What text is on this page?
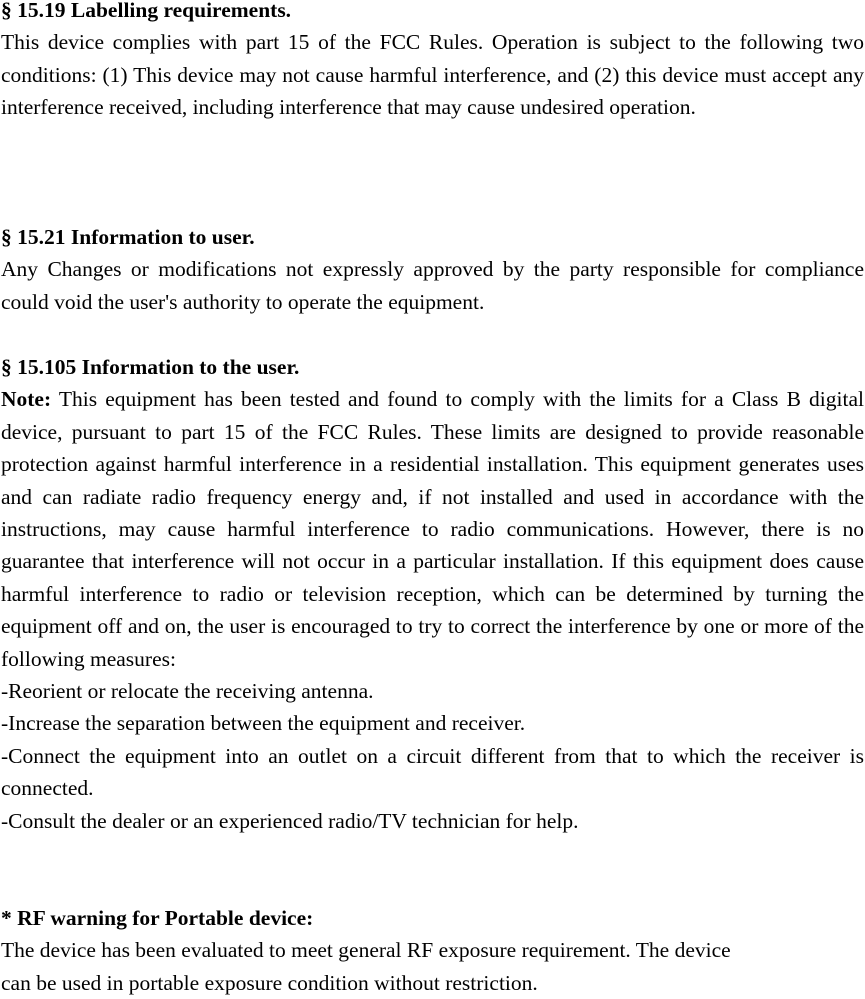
§ 15.19 Labelling requirements.

This device complies with part 15 of the FCC Rules. Operation is subject to the following two conditions: (1) This device may not cause harmful interference, and (2) this device must accept any interference received, including interference that may cause undesired operation.

§ 15.21 Information to user.

Any Changes or modifications not expressly approved by the party responsible for compliance could void the user's authority to operate the equipment.

§ 15.105 Information to the user.

Note: This equipment has been tested and found to comply with the limits for a Class B digital device, pursuant to part 15 of the FCC Rules. These limits are designed to provide reasonable protection against harmful interference in a residential installation. This equipment generates uses and can radiate radio frequency energy and, if not installed and used in accordance with the instructions, may cause harmful interference to radio communications. However, there is no guarantee that interference will not occur in a particular installation. If this equipment does cause harmful interference to radio or television reception, which can be determined by turning the equipment off and on, the user is encouraged to try to correct the interference by one or more of the following measures:

-Reorient or relocate the receiving antenna.

-Increase the separation between the equipment and receiver.

-Connect the equipment into an outlet on a circuit different from that to which the receiver is connected.

-Consult the dealer or an experienced radio/TV technician for help.

* RF warning for Portable device:

The device has been evaluated to meet general RF exposure requirement. The device

can be used in portable exposure condition without restriction.
